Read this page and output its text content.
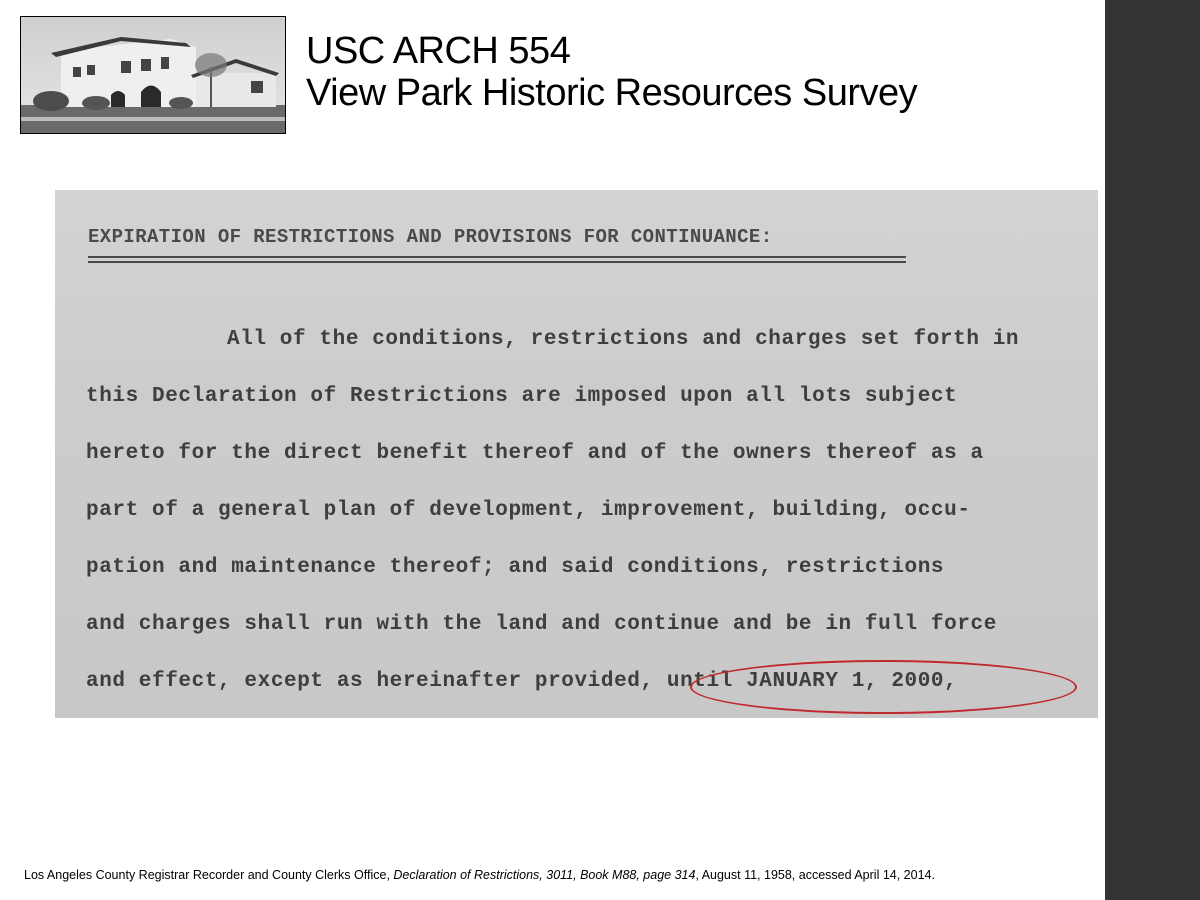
USC ARCH 554
View Park Historic Resources Survey
EXPIRATION OF RESTRICTIONS AND PROVISIONS FOR CONTINUANCE:
All of the conditions, restrictions and charges set forth in
this Declaration of Restrictions are imposed upon all lots subject
hereto for the direct benefit thereof and of the owners thereof as a
part of a general plan of development, improvement, building, occu-
pation and maintenance thereof; and said conditions, restrictions
and charges shall run with the land and continue and be in full force
and effect, except as hereinafter provided, until JANUARY 1, 2000,
Los Angeles County Registrar Recorder and County Clerks Office, Declaration of Restrictions, 3011, Book M88, page 314, August 11, 1958, accessed April 14, 2014.
